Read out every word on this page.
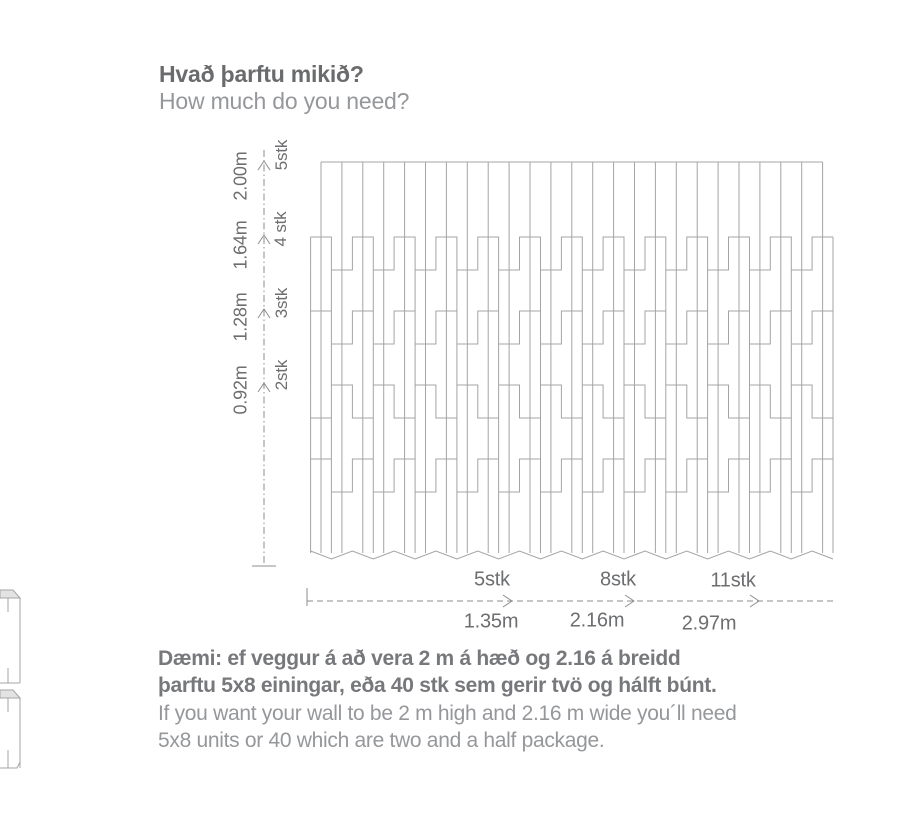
Hvað þarftu mikið?
How much do you need?
2.00m 5stk
1.64m 4 stk
1.28m 3stk
0.92m 2stk
5stk	8stk	11stk
1.35m	2.16m	2.97m
Dæmi: ef veggur á að vera 2 m á hæð og 2.16 á breidd
þarftu 5x8 einingar, eða 40 stk sem gerir tvö og hálft búnt.
If you want your wall to be 2 m high and 2.16 m wide you´ll need
5x8 units or 40 which are two and a half package.
